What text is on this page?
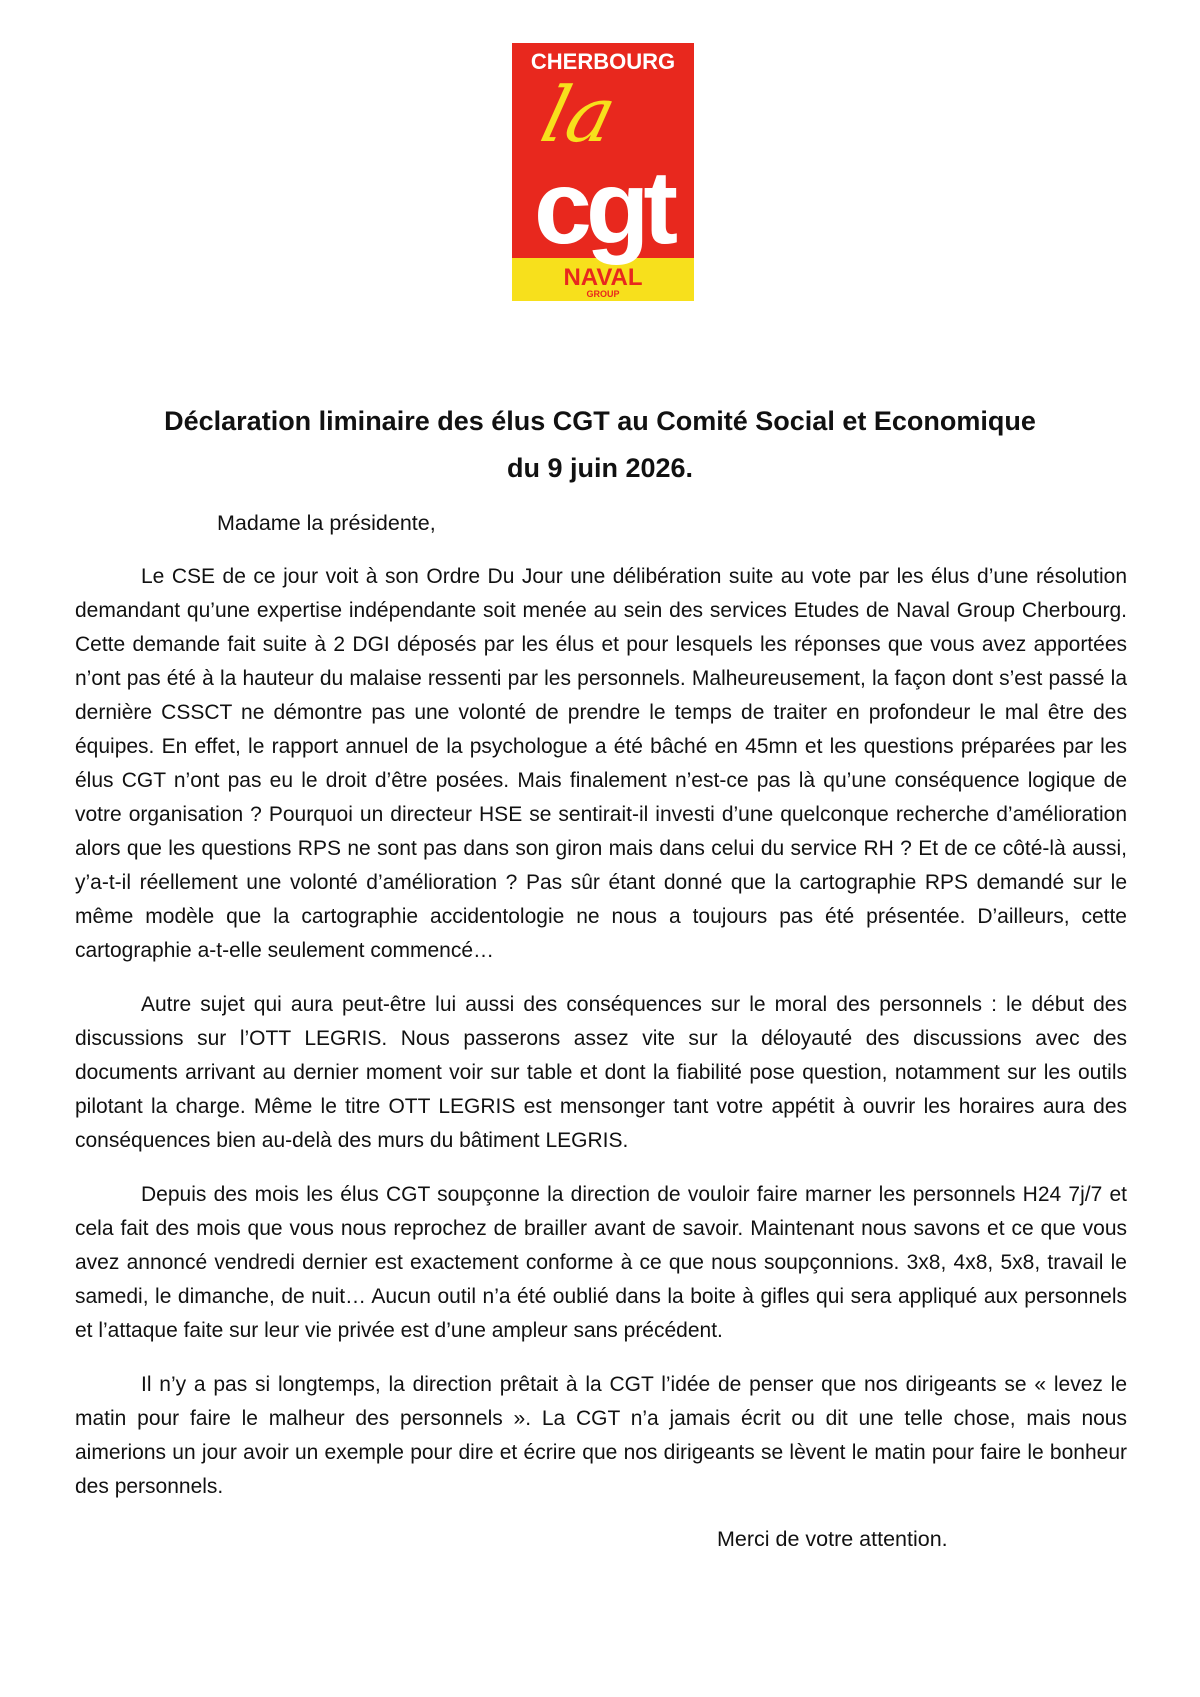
CHERBOURG
la
cgt
NAVAL
GROUP
Déclaration liminaire des élus CGT au Comité Social et Economique
du 9 juin 2026.
Madame la présidente,

Le CSE de ce jour voit à son Ordre Du Jour une délibération suite au vote par les élus d’une résolution demandant qu’une expertise indépendante soit menée au sein des services Etudes de Naval Group Cherbourg. Cette demande fait suite à 2 DGI déposés par les élus et pour lesquels les réponses que vous avez apportées n’ont pas été à la hauteur du malaise ressenti par les personnels. Malheureusement, la façon dont s’est passé la dernière CSSCT ne démontre pas une volonté de prendre le temps de traiter en profondeur le mal être des équipes. En effet, le rapport annuel de la psychologue a été bâché en 45mn et les questions préparées par les élus CGT n’ont pas eu le droit d’être posées. Mais finalement n’est-ce pas là qu’une conséquence logique de votre organisation ? Pourquoi un directeur HSE se sentirait-il investi d’une quelconque recherche d’amélioration alors que les questions RPS ne sont pas dans son giron mais dans celui du service RH ? Et de ce côté-là aussi, y’a-t-il réellement une volonté d’amélioration ? Pas sûr étant donné que la cartographie RPS demandé sur le même modèle que la cartographie accidentologie ne nous a toujours pas été présentée. D’ailleurs, cette cartographie a-t-elle seulement commencé…

Autre sujet qui aura peut-être lui aussi des conséquences sur le moral des personnels : le début des discussions sur l’OTT LEGRIS. Nous passerons assez vite sur la déloyauté des discussions avec des documents arrivant au dernier moment voir sur table et dont la fiabilité pose question, notamment sur les outils pilotant la charge. Même le titre OTT LEGRIS est mensonger tant votre appétit à ouvrir les horaires aura des conséquences bien au-delà des murs du bâtiment LEGRIS.

Depuis des mois les élus CGT soupçonne la direction de vouloir faire marner les personnels H24 7j/7 et cela fait des mois que vous nous reprochez de brailler avant de savoir. Maintenant nous savons et ce que vous avez annoncé vendredi dernier est exactement conforme à ce que nous soupçonnions. 3x8, 4x8, 5x8, travail le samedi, le dimanche, de nuit… Aucun outil n’a été oublié dans la boite à gifles qui sera appliqué aux personnels et l’attaque faite sur leur vie privée est d’une ampleur sans précédent.

Il n’y a pas si longtemps, la direction prêtait à la CGT l’idée de penser que nos dirigeants se « levez le matin pour faire le malheur des personnels ». La CGT n’a jamais écrit ou dit une telle chose, mais nous aimerions un jour avoir un exemple pour dire et écrire que nos dirigeants se lèvent le matin pour faire le bonheur des personnels.

Merci de votre attention.
